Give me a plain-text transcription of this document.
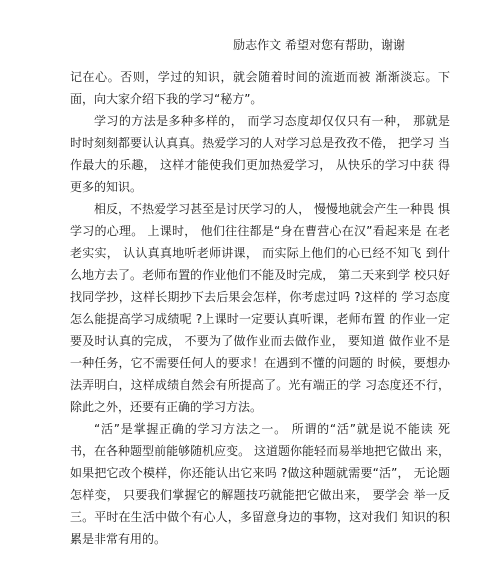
励志作文 希望对您有帮助，谢谢

记在心。否则，学过的知识，就会随着时间的流逝而被 渐渐淡忘。下面，向大家介绍下我的学习“秘方”。

学习的方法是多种多样的， 而学习态度却仅仅只有一种， 那就是 时时刻刻都要认认真真。热爱学习的人对学习总是孜孜不倦， 把学习 当作最大的乐趣， 这样才能使我们更加热爱学习， 从快乐的学习中获 得更多的知识。

相反，不热爱学习甚至是讨厌学习的人， 慢慢地就会产生一种畏 惧学习的心理。 上课时， 他们往往都是“身在曹营心在汉”看起来是 在老老实实， 认认真真地听老师讲课， 而实际上他们的心已经不知飞 到什么地方去了。老师布置的作业他们不能及时完成， 第二天来到学 校只好找同学抄，这样长期抄下去后果会怎样，你考虑过吗 ?这样的 学习态度怎么能提高学习成绩呢 ?上课时一定要认真听课，老师布置 的作业一定要及时认真的完成， 不要为了做作业而去做作业， 要知道 做作业不是一种任务，它不需要任何人的要求！在遇到不懂的问题的 时候，要想办法弄明白，这样成绩自然会有所提高了。光有端正的学 习态度还不行，除此之外，还要有正确的学习方法。

“活”是掌握正确的学习方法之一。 所谓的“活”就是说不能读 死书，在各种题型前能够随机应变。 这道题你能轻而易举地把它做出 来，如果把它改个模样，你还能认出它来吗 ?做这种题就需要“活”， 无论题怎样变， 只要我们掌握它的解题技巧就能把它做出来， 要学会 举一反三。平时在生活中做个有心人，多留意身边的事物，这对我们 知识的积累是非常有用的。
